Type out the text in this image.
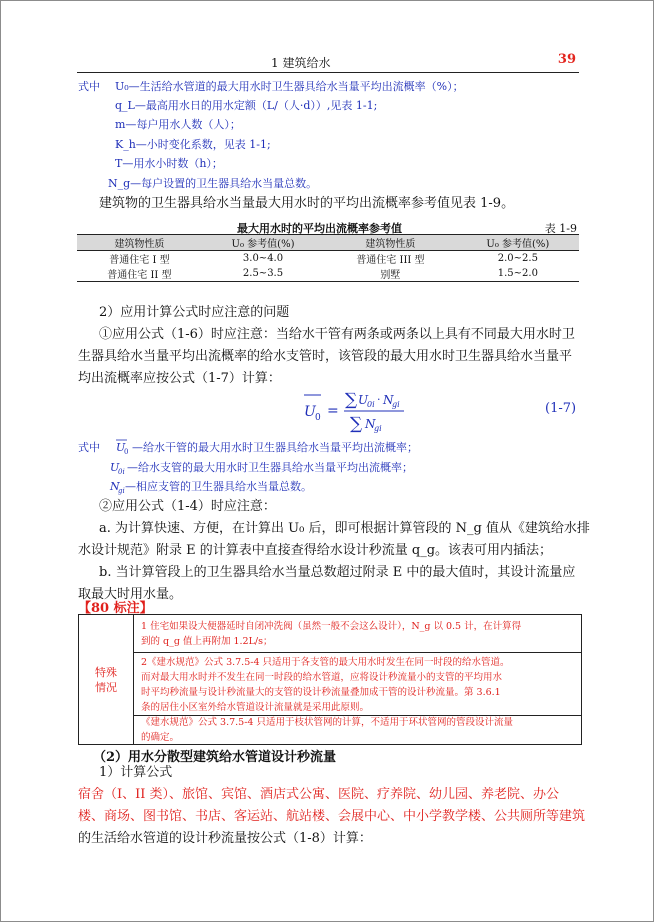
1 建筑给水	39
式中 U₀—生活给水管道的最大用水时卫生器具给水当量平均出流概率（%）；
q_L—最高用水日的用水定额（L/（人·d））,见表 1-1;
m—每户用水人数（人）；
K_h—小时变化系数，见表 1-1;
T—用水小时数（h）；
N_g—每户设置的卫生器具给水当量总数。
建筑物的卫生器具给水当量最大用水时的平均出流概率参考值见表 1-9。
最大用水时的平均出流概率参考值	表 1-9
建筑物性质	U₀ 参考值(%)	建筑物性质	U₀ 参考值(%)
普通住宅 I 型	3.0~4.0	普通住宅 III 型	2.0~2.5
普通住宅 II 型	2.5~3.5	别墅	1.5~2.0
2）应用计算公式时应注意的问题
①应用公式（1-6）时应注意：当给水干管有两条或两条以上具有不同最大用水时卫
生器具给水当量平均出流概率的给水支管时，该管段的最大用水时卫生器具给水当量平
均出流概率应按公式（1-7）计算：
U 0 =
∑ U
0i · N
gi
∑ N
gi
(1-7)
式中 U
0 —给水干管的最大用水时卫生器具给水当量平均出流概率；
U
0i —给水支管的最大用水时卫生器具给水当量平均出流概率；
N
gi —相应支管的卫生器具给水当量总数。
②应用公式（1-4）时应注意：
a. 为计算快速、方便，在计算出 U₀ 后，即可根据计算管段的 N_g 值从《建筑给水排
水设计规范》附录 E 的计算表中直接查得给水设计秒流量 q_g。该表可用内插法；
b. 当计算管段上的卫生器具给水当量总数超过附录 E 中的最大值时，其设计流量应
取最大时用水量。
【80 标注】
特殊
情况
1 住宅如果设大便器延时自闭冲洗阀（虽然一般不会这么设计），N_g 以 0.5 计，在计算得
到的 q_g 值上再附加 1.2L/s；
2《建水规范》公式 3.7.5-4 只适用于各支管的最大用水时发生在同一时段的给水管道。
而对最大用水时并不发生在同一时段的给水管道，应将设计秒流量小的支管的平均用水
时平均秒流量与设计秒流量大的支管的设计秒流量叠加成干管的设计秒流量。第 3.6.1
条的居住小区室外给水管道设计流量就是采用此原则。
《建水规范》公式 3.7.5-4 只适用于枝状管网的计算，不适用于环状管网的管段设计流量
的确定。
（2）用水分散型建筑给水管道设计秒流量
1）计算公式
宿舍（I、II 类）、旅馆、宾馆、酒店式公寓、医院、疗养院、幼儿园、养老院、办公
楼、商场、图书馆、书店、客运站、航站楼、会展中心、中小学教学楼、公共厕所等建筑
的生活给水管道的设计秒流量按公式（1-8）计算：
